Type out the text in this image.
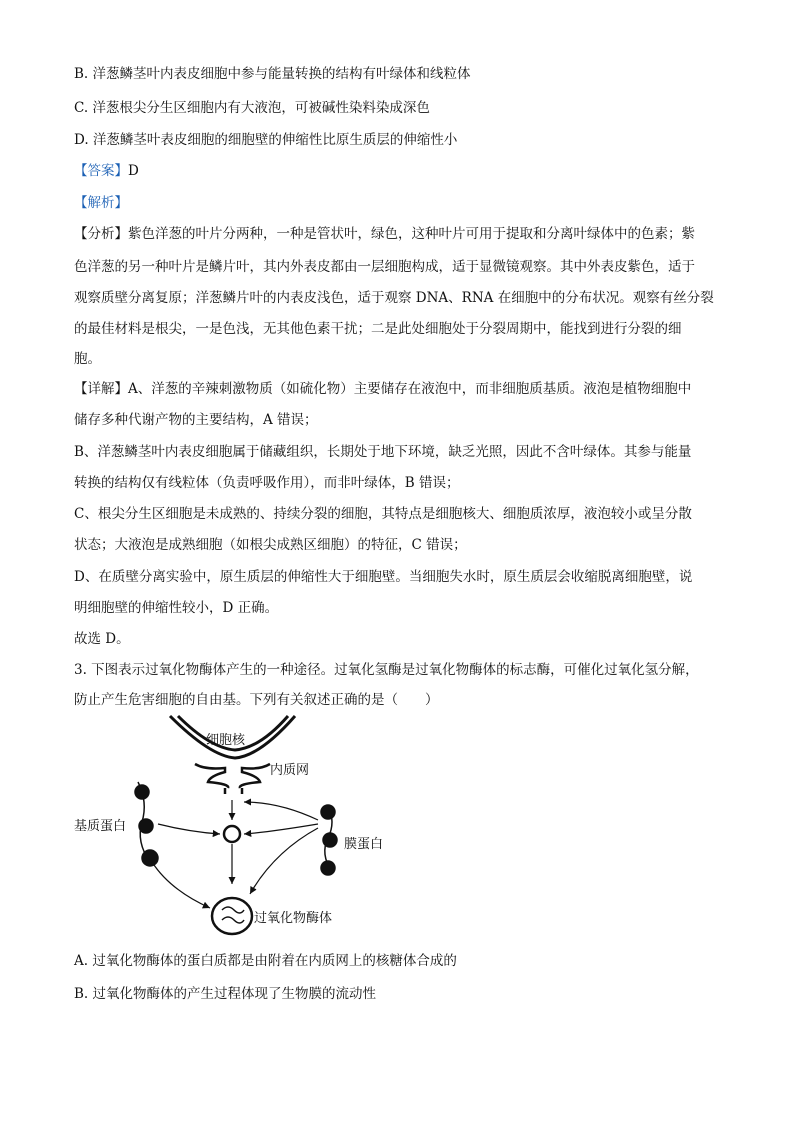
B. 洋葱鳞茎叶内表皮细胞中参与能量转换的结构有叶绿体和线粒体
C. 洋葱根尖分生区细胞内有大液泡，可被碱性染料染成深色
D. 洋葱鳞茎叶表皮细胞的细胞壁的伸缩性比原生质层的伸缩性小
【答案】D
【解析】
【分析】紫色洋葱的叶片分两种，一种是管状叶，绿色，这种叶片可用于提取和分离叶绿体中的色素；紫
色洋葱的另一种叶片是鳞片叶，其内外表皮都由一层细胞构成，适于显微镜观察。其中外表皮紫色，适于
观察质壁分离复原；洋葱鳞片叶的内表皮浅色，适于观察 DNA、RNA 在细胞中的分布状况。观察有丝分裂
的最佳材料是根尖，一是色浅，无其他色素干扰；二是此处细胞处于分裂周期中，能找到进行分裂的细
胞。
【详解】A、洋葱的辛辣刺激物质（如硫化物）主要储存在液泡中，而非细胞质基质。液泡是植物细胞中
储存多种代谢产物的主要结构，A 错误；
B、洋葱鳞茎叶内表皮细胞属于储藏组织，长期处于地下环境，缺乏光照，因此不含叶绿体。其参与能量
转换的结构仅有线粒体（负责呼吸作用），而非叶绿体，B 错误；
C、根尖分生区细胞是未成熟的、持续分裂的细胞，其特点是细胞核大、细胞质浓厚，液泡较小或呈分散
状态；大液泡是成熟细胞（如根尖成熟区细胞）的特征，C 错误；
D、在质壁分离实验中，原生质层的伸缩性大于细胞壁。当细胞失水时，原生质层会收缩脱离细胞壁，说
明细胞壁的伸缩性较小，D 正确。
故选 D。
3. 下图表示过氧化物酶体产生的一种途径。过氧化氢酶是过氧化物酶体的标志酶，可催化过氧化氢分解，
防止产生危害细胞的自由基。下列有关叙述正确的是（　　）
细胞核
内质网
基质蛋白
膜蛋白
过氧化物酶体
A. 过氧化物酶体的蛋白质都是由附着在内质网上的核糖体合成的
B. 过氧化物酶体的产生过程体现了生物膜的流动性
